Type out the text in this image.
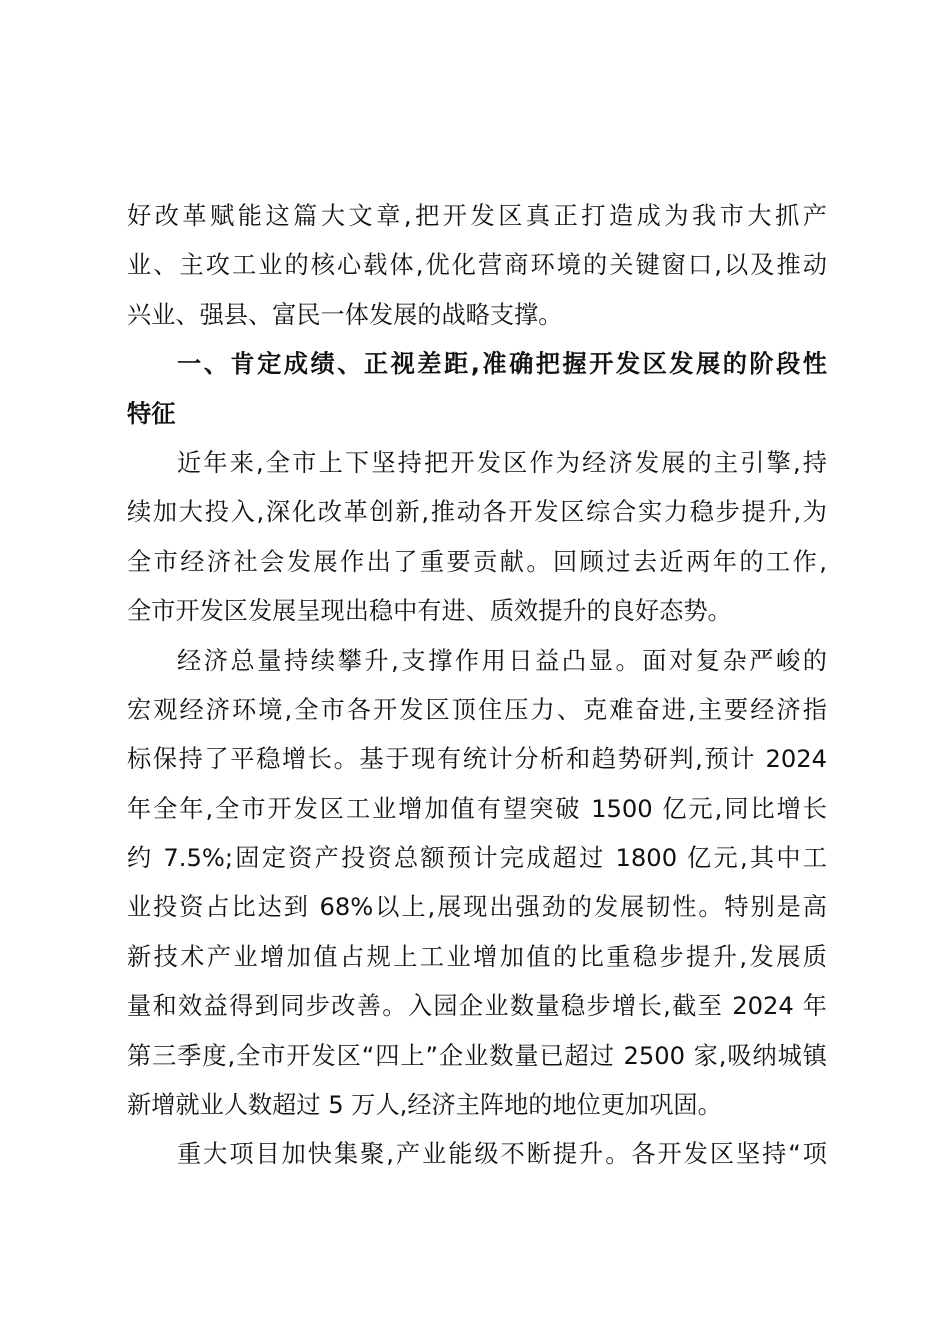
好改革赋能这篇大文章,把开发区真正打造成为我市大抓产
业、主攻工业的核心载体,优化营商环境的关键窗口,以及推动
兴业、强县、富民一体发展的战略支撑。

一、肯定成绩、正视差距,准确把握开发区发展的阶段性
特征

近年来,全市上下坚持把开发区作为经济发展的主引擎,持
续加大投入,深化改革创新,推动各开发区综合实力稳步提升,为
全市经济社会发展作出了重要贡献。回顾过去近两年的工作,
全市开发区发展呈现出稳中有进、质效提升的良好态势。

经济总量持续攀升,支撑作用日益凸显。面对复杂严峻的
宏观经济环境,全市各开发区顶住压力、克难奋进,主要经济指
标保持了平稳增长。基于现有统计分析和趋势研判,预计 2024
年全年,全市开发区工业增加值有望突破 1500 亿元,同比增长
约 7.5%;固定资产投资总额预计完成超过 1800 亿元,其中工
业投资占比达到 68%以上,展现出强劲的发展韧性。特别是高
新技术产业增加值占规上工业增加值的比重稳步提升,发展质
量和效益得到同步改善。入园企业数量稳步增长,截至 2024 年
第三季度,全市开发区“四上”企业数量已超过 2500 家,吸纳城镇
新增就业人数超过 5 万人,经济主阵地的地位更加巩固。

重大项目加快集聚,产业能级不断提升。各开发区坚持“项
